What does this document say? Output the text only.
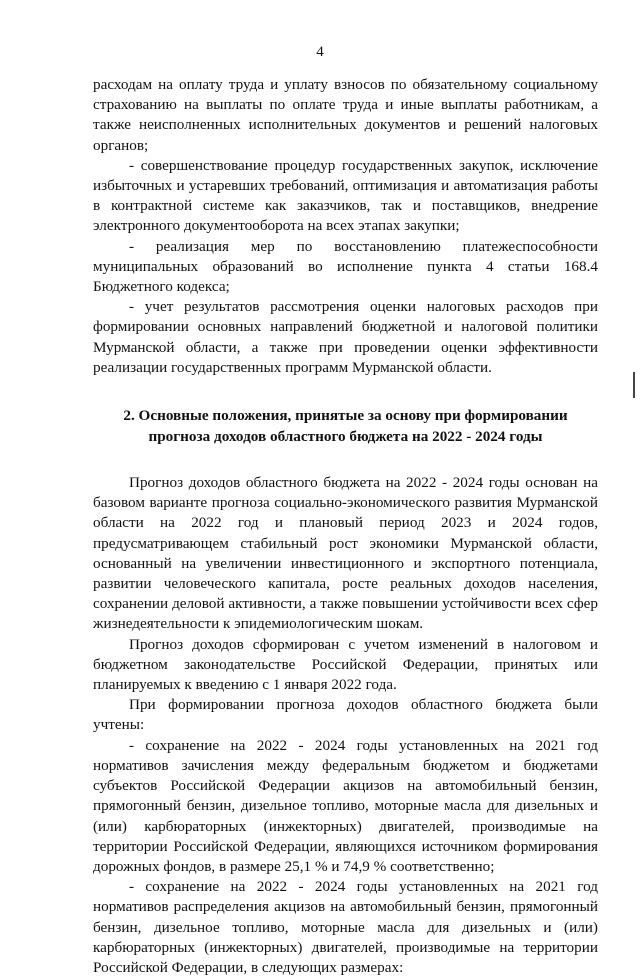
4

расходам на оплату труда и уплату взносов по обязательному социальному страхованию на выплаты по оплате труда и иные выплаты работникам, а также неисполненных исполнительных документов и решений налоговых органов;

- совершенствование процедур государственных закупок, исключение избыточных и устаревших требований, оптимизация и автоматизация работы в контрактной системе как заказчиков, так и поставщиков, внедрение электронного документооборота на всех этапах закупки;

- реализация мер по восстановлению платежеспособности муниципальных образований во исполнение пункта 4 статьи 168.4 Бюджетного кодекса;

- учет результатов рассмотрения оценки налоговых расходов при формировании основных направлений бюджетной и налоговой политики Мурманской области, а также при проведении оценки эффективности реализации государственных программ Мурманской области.

2. Основные положения, принятые за основу при формировании прогноза доходов областного бюджета на 2022 - 2024 годы

Прогноз доходов областного бюджета на 2022 - 2024 годы основан на базовом варианте прогноза социально-экономического развития Мурманской области на 2022 год и плановый период 2023 и 2024 годов, предусматривающем стабильный рост экономики Мурманской области, основанный на увеличении инвестиционного и экспортного потенциала, развитии человеческого капитала, росте реальных доходов населения, сохранении деловой активности, а также повышении устойчивости всех сфер жизнедеятельности к эпидемиологическим шокам.

Прогноз доходов сформирован с учетом изменений в налоговом и бюджетном законодательстве Российской Федерации, принятых или планируемых к введению с 1 января 2022 года.

При формировании прогноза доходов областного бюджета были учтены:

- сохранение на 2022 - 2024 годы установленных на 2021 год нормативов зачисления между федеральным бюджетом и бюджетами субъектов Российской Федерации акцизов на автомобильный бензин, прямогонный бензин, дизельное топливо, моторные масла для дизельных и (или) карбюраторных (инжекторных) двигателей, производимые на территории Российской Федерации, являющихся источником формирования дорожных фондов, в размере 25,1 % и 74,9 % соответственно;

- сохранение на 2022 - 2024 годы установленных на 2021 год нормативов распределения акцизов на автомобильный бензин, прямогонный бензин, дизельное топливо, моторные масла для дизельных и (или) карбюраторных (инжекторных) двигателей, производимые на территории Российской Федерации, в следующих размерах:
